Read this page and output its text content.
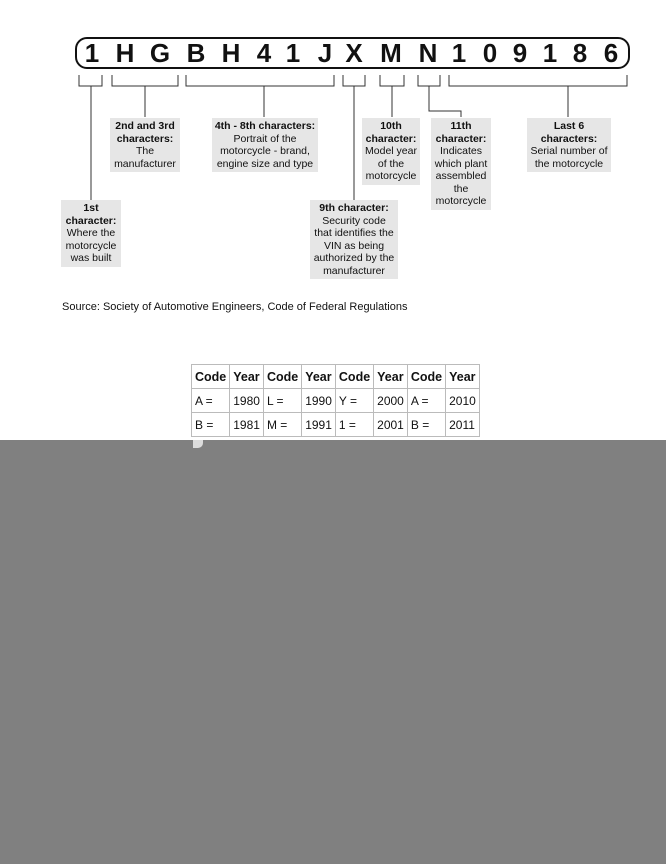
1 H G B H 4 1 J X M N 1 0 9 1 8 6
1st character:
Where the motorcycle was built
2nd and 3rd characters:
The manufacturer
4th - 8th characters:
Portrait of the motorcycle - brand, engine size and type
9th character:
Security code that identifies the VIN as being authorized by the manufacturer
10th character:
Model year of the motorcycle
11th character:
Indicates which plant assembled the motorcycle
Last 6 characters:
Serial number of the motorcycle
Source: Society of Automotive Engineers, Code of Federal Regulations
Code	Year	Code	Year	Code	Year	Code	Year
A =	1980	L =	1990	Y =	2000	A =	2010
B =	1981	M =	1991	1 =	2001	B =	2011
